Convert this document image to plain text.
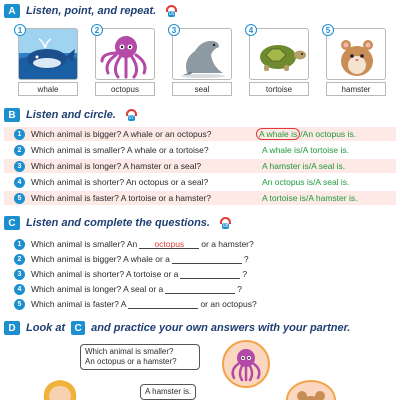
A Listen, point, and repeat.	05
1
whale
2
octopus
3
seal
4
tortoise
5
hamster
B Listen and circle.	07
1	Which animal is bigger? A whale or an octopus?	A whale is / An octopus is.
2	Which animal is smaller? A whale or a tortoise?	A whale is / A tortoise is.
3	Which animal is longer? A hamster or a seal?	A hamster is / A seal is.
4	Which animal is shorter? An octopus or a seal?	An octopus is / A seal is.
5	Which animal is faster? A tortoise or a hamster?	A tortoise is / A hamster is.
C Listen and complete the questions.	08
1	Which animal is smaller? An	octopus	or a hamster?
2	Which animal is bigger? A whale or a	?
3	Which animal is shorter? A tortoise or a	?
4	Which animal is longer? A seal or a	?
5	Which animal is faster? A	or an octopus?
D Look at C and practice your own answers with your partner.
Which animal is smaller?
An octopus or a hamster?
A hamster is.
